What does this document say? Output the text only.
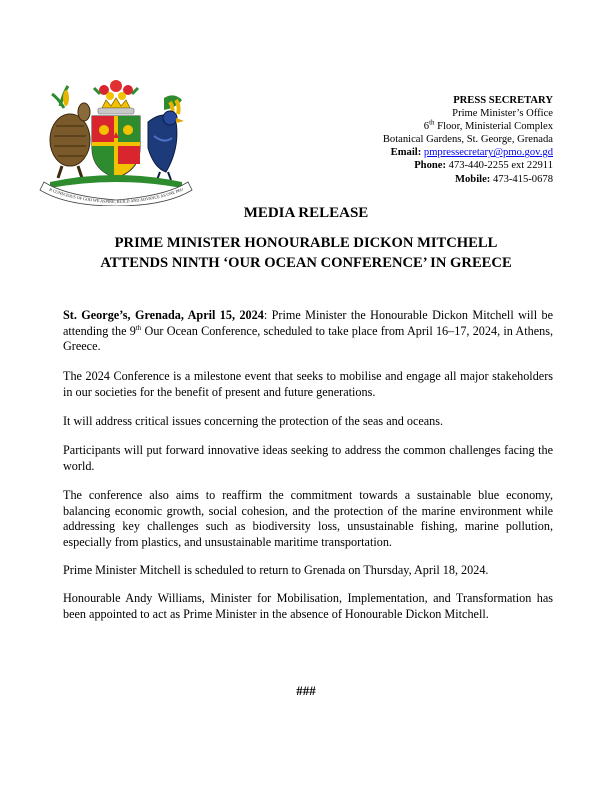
R CONSCIOUS OF GOD WE ASPIRE, BUILD AND ADVANCE AS ONE PEO
PRESS SECRETARY
Prime Minister’s Office
6th Floor, Ministerial Complex
Botanical Gardens, St. George, Grenada
Email: pmpressecretary@pmo.gov.gd
Phone: 473-440-2255 ext 22911
Mobile: 473-415-0678
MEDIA RELEASE
PRIME MINISTER HONOURABLE DICKON MITCHELL
ATTENDS NINTH ‘OUR OCEAN CONFERENCE’ IN GREECE

St. George’s, Grenada, April 15, 2024: Prime Minister the Honourable Dickon Mitchell will be attending the 9th Our Ocean Conference, scheduled to take place from April 16–17, 2024, in Athens, Greece.

The 2024 Conference is a milestone event that seeks to mobilise and engage all major stakeholders in our societies for the benefit of present and future generations.

It will address critical issues concerning the protection of the seas and oceans.

Participants will put forward innovative ideas seeking to address the common challenges facing the world.

The conference also aims to reaffirm the commitment towards a sustainable blue economy, balancing economic growth, social cohesion, and the protection of the marine environment while addressing key challenges such as biodiversity loss, unsustainable fishing, marine pollution, especially from plastics, and unsustainable maritime transportation.

Prime Minister Mitchell is scheduled to return to Grenada on Thursday, April 18, 2024.

Honourable Andy Williams, Minister for Mobilisation, Implementation, and Transformation has been appointed to act as Prime Minister in the absence of Honourable Dickon Mitchell.

###
